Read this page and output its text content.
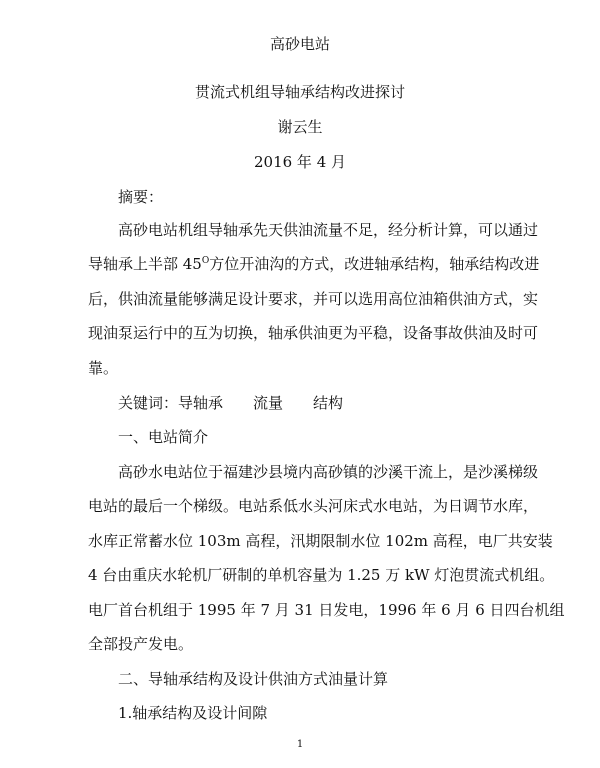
高砂电站
贯流式机组导轴承结构改进探讨
谢云生
2016 年 4 月
摘要：
高砂电站机组导轴承先天供油流量不足，经分析计算，可以通过
导轴承上半部 $45^O$方位开油沟的方式，改进轴承结构，轴承结构改进
后，供油流量能够满足设计要求，并可以选用高位油箱供油方式，实
现油泵运行中的互为切换，轴承供油更为平稳，设备事故供油及时可
靠。
关键词：导轴承 流量 结构
一、电站简介
高砂水电站位于福建沙县境内高砂镇的沙溪干流上，是沙溪梯级
电站的最后一个梯级。电站系低水头河床式水电站，为日调节水库，
水库正常蓄水位 103m 高程，汛期限制水位 102m 高程，电厂共安装
4 台由重庆水轮机厂研制的单机容量为 1.25 万 kW 灯泡贯流式机组。
电厂首台机组于 1995 年 7 月 31 日发电，1996 年 6 月 6 日四台机组
全部投产发电。
二、导轴承结构及设计供油方式油量计算
1.轴承结构及设计间隙
1
